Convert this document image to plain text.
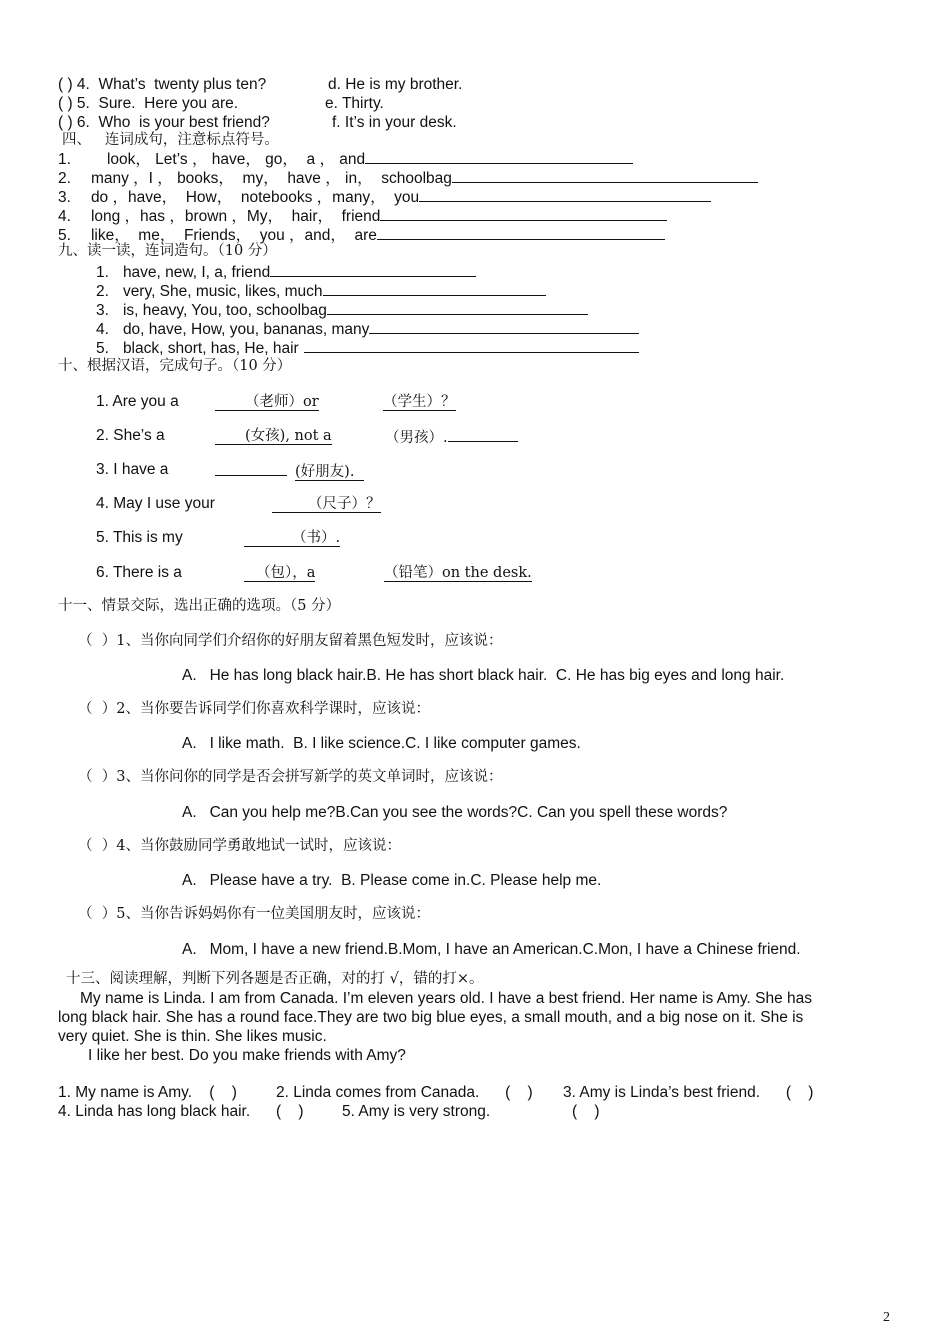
( ) 4.  What’s  twenty plus ten?	d. He is my brother.
( ) 5.  Sure.  Here you are.	e. Thirty.
( ) 6.  Who  is your best friend?	f. It’s in your desk.
四、   连词成句，注意标点符号。
1. look， Let’s ， have， go，  a ， and
2. many ，I ， books，  my，  have ， in，  schoolbag
3. do ，have，  How，  notebooks ，many，  you
4. long ，has ，brown ，My，  hair，  friend
5. like，  me，  Friends，  you ，and，  are
九、读一读，连词造句。（10 分）
1. have, new, I, a, friend
2. very, She, music, likes, much
3. is, heavy, You, too, schoolbag
4. do, have, How, you, bananas, many
5. black, short, has, He, hair
十、根据汉语，完成句子。（10 分）
1. Are you a	（老师）or	（学生）？
2. She’s a	(女孩), not a	（男孩）.
3. I have a	(好朋友).
4. May I use your	（尺子）？
5. This is my	（书）.
6. There is a	（包），a	（铅笔）on the desk.
十一、情景交际，选出正确的选项。（5 分）
（  ）1、当你向同学们介绍你的好朋友留着黑色短发时，应该说：
A.   He has long black hair.B. He has short black hair.  C. He has big eyes and long hair.
（  ）2、当你要告诉同学们你喜欢科学课时，应该说：
A.   I like math.  B. I like science.C. I like computer games.
（  ）3、当你问你的同学是否会拼写新学的英文单词时，应该说：
A.   Can you help me?B.Can you see the words?C. Can you spell these words?
（  ）4、当你鼓励同学勇敢地试一试时，应该说：
A.   Please have a try.  B. Please come in.C. Please help me.
（  ）5、当你告诉妈妈你有一位美国朋友时，应该说：
A.   Mom, I have a new friend.B.Mom, I have an American.C.Mon, I have a Chinese friend.
十三、阅读理解，判断下列各题是否正确，对的打 √，错的打×。
My name is Linda. I am from Canada. I’m eleven years old. I have a best friend. Her name is Amy. She has
long black hair. She has a round face.They are two big blue eyes, a small mouth, and a big nose on it. She is
very quiet. She is thin. She likes music.
I like her best. Do you make friends with Amy?
1. My name is Amy.    (    )	2. Linda comes from Canada.      (    ) 3. Amy is Linda’s best friend.      (    )
4. Linda has long black hair.      (    ) 5. Amy is very strong.	(    )
2
